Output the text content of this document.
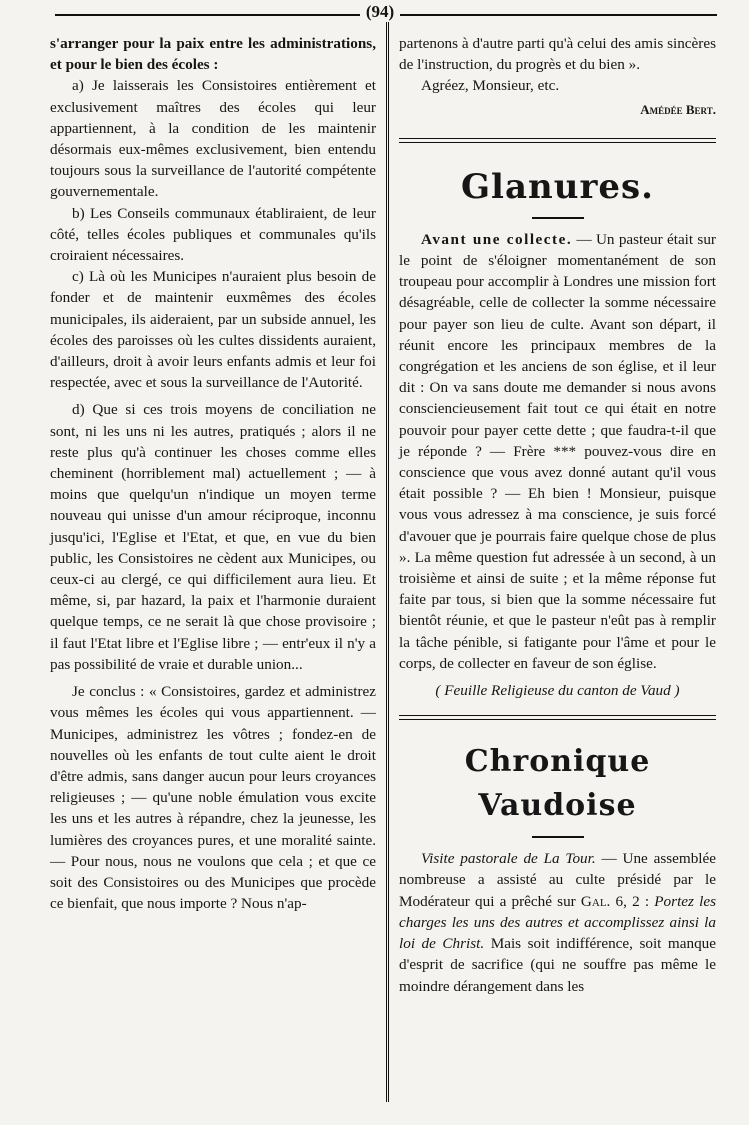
(94)

s'arranger pour la paix entre les administrations, et pour le bien des écoles :

a) Je laisserais les Consistoires entièrement et exclusivement maîtres des écoles qui leur appartiennent, à la condition de les maintenir désormais eux-mêmes exclusivement, bien entendu toujours sous la surveillance de l'autorité compétente gouvernementale.

b) Les Conseils communaux établiraient, de leur côté, telles écoles publiques et communales qu'ils croiraient nécessaires.

c) Là où les Municipes n'auraient plus besoin de fonder et de maintenir euxmêmes des écoles municipales, ils aideraient, par un subside annuel, les écoles des paroisses où les cultes dissidents auraient, d'ailleurs, droit à avoir leurs enfants admis et leur foi respectée, avec et sous la surveillance de l'Autorité.

d) Que si ces trois moyens de conciliation ne sont, ni les uns ni les autres, pratiqués ; alors il ne reste plus qu'à continuer les choses comme elles cheminent (horriblement mal) actuellement ; — à moins que quelqu'un n'indique un moyen terme nouveau qui unisse d'un amour réciproque, inconnu jusqu'ici, l'Eglise et l'Etat, et que, en vue du bien public, les Consistoires ne cèdent aux Municipes, ou ceux-ci au clergé, ce qui difficilement aura lieu. Et même, si, par hazard, la paix et l'harmonie duraient quelque temps, ce ne serait là que chose provisoire ; il faut l'Etat libre et l'Eglise libre ; — entr'eux il n'y a pas possibilité de vraie et durable union...

Je conclus : « Consistoires, gardez et administrez vous mêmes les écoles qui vous appartiennent. — Municipes, administrez les vôtres ; fondez-en de nouvelles où les enfants de tout culte aient le droit d'être admis, sans danger aucun pour leurs croyances religieuses ; — qu'une noble émulation vous excite les uns et les autres à répandre, chez la jeunesse, les lumières des croyances pures, et une moralité sainte. — Pour nous, nous ne voulons que cela ; et que ce soit des Consistoires ou des Municipes que procède ce bienfait, que nous importe ? Nous n'ap-

partenons à d'autre parti qu'à celui des amis sincères de l'instruction, du progrès et du bien ».

Agréez, Monsieur, etc.

Amédée Bert.

Glanures.

Avant une collecte. — Un pasteur était sur le point de s'éloigner momentanément de son troupeau pour accomplir à Londres une mission fort désagréable, celle de collecter la somme nécessaire pour payer son lieu de culte. Avant son départ, il réunit encore les principaux membres de la congrégation et les anciens de son église, et il leur dit : On va sans doute me demander si nous avons consciencieusement fait tout ce qui était en notre pouvoir pour payer cette dette ; que faudra-t-il que je réponde ? — Frère *** pouvez-vous dire en conscience que vous avez donné autant qu'il vous était possible ? — Eh bien ! Monsieur, puisque vous vous adressez à ma conscience, je suis forcé d'avouer que je pourrais faire quelque chose de plus ». La même question fut adressée à un second, à un troisième et ainsi de suite ; et la même réponse fut faite par tous, si bien que la somme nécessaire fut bientôt réunie, et que le pasteur n'eût pas à remplir la tâche pénible, si fatigante pour l'âme et pour le corps, de collecter en faveur de son église.

( Feuille Religieuse du canton de Vaud )

Chronique Vaudoise

Visite pastorale de La Tour. — Une assemblée nombreuse a assisté au culte présidé par le Modérateur qui a prêché sur Gal. 6, 2 : Portez les charges les uns des autres et accomplissez ainsi la loi de Christ. Mais soit indifférence, soit manque d'esprit de sacrifice (qui ne souffre pas même le moindre dérangement dans les
